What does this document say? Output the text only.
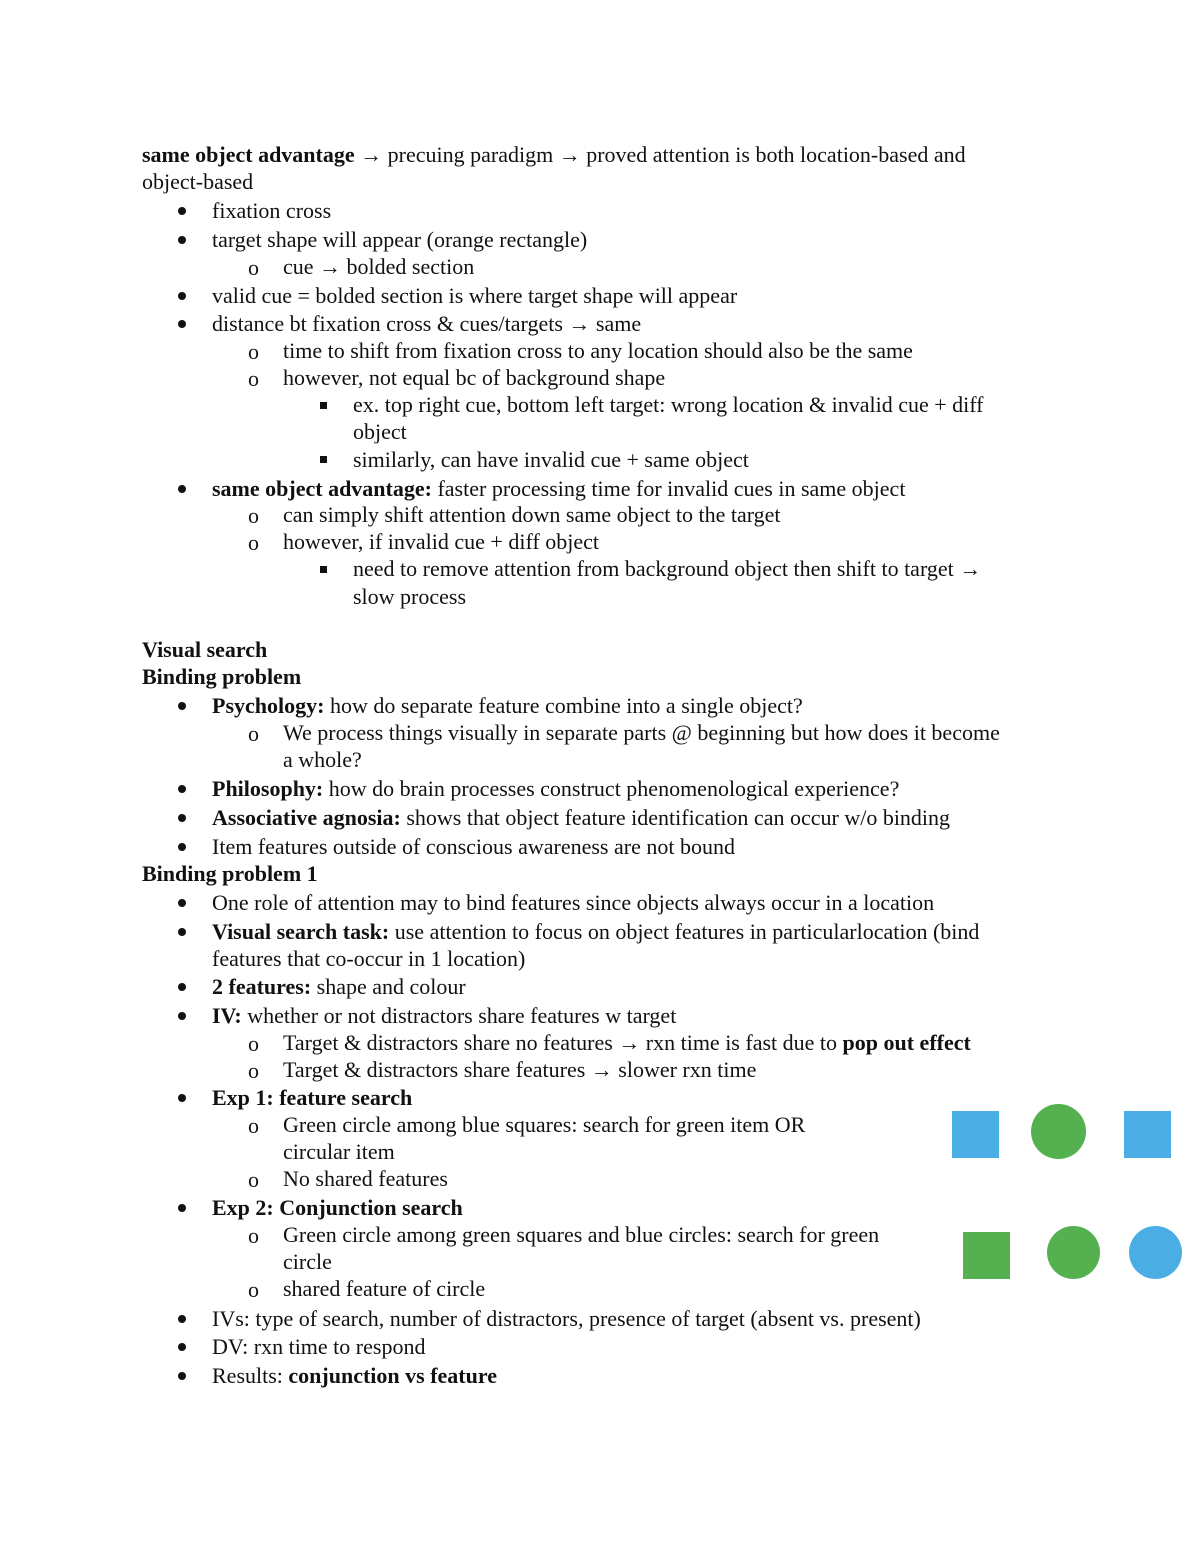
same object advantage → precuing paradigm → proved attention is both location-based and
object-based
fixation cross
target shape will appear (orange rectangle)
o cue → bolded section
valid cue = bolded section is where target shape will appear
distance bt fixation cross & cues/targets → same
o time to shift from fixation cross to any location should also be the same
o however, not equal bc of background shape
ex. top right cue, bottom left target: wrong location & invalid cue + diff
object
similarly, can have invalid cue + same object
same object advantage: faster processing time for invalid cues in same object
o can simply shift attention down same object to the target
o however, if invalid cue + diff object
need to remove attention from background object then shift to target →
slow process
Visual search
Binding problem
Psychology: how do separate feature combine into a single object?
o We process things visually in separate parts @ beginning but how does it become
a whole?
Philosophy: how do brain processes construct phenomenological experience?
Associative agnosia: shows that object feature identification can occur w/o binding
Item features outside of conscious awareness are not bound
Binding problem 1
One role of attention may to bind features since objects always occur in a location
Visual search task: use attention to focus on object features in particularlocation (bind
features that co-occur in 1 location)
2 features: shape and colour
IV: whether or not distractors share features w target
o Target & distractors share no features → rxn time is fast due to pop out effect
o Target & distractors share features → slower rxn time
Exp 1: feature search
o Green circle among blue squares: search for green item OR
circular item
o No shared features
Exp 2: Conjunction search
o Green circle among green squares and blue circles: search for green
circle
o shared feature of circle
IVs: type of search, number of distractors, presence of target (absent vs. present)
DV: rxn time to respond
Results: conjunction vs feature
